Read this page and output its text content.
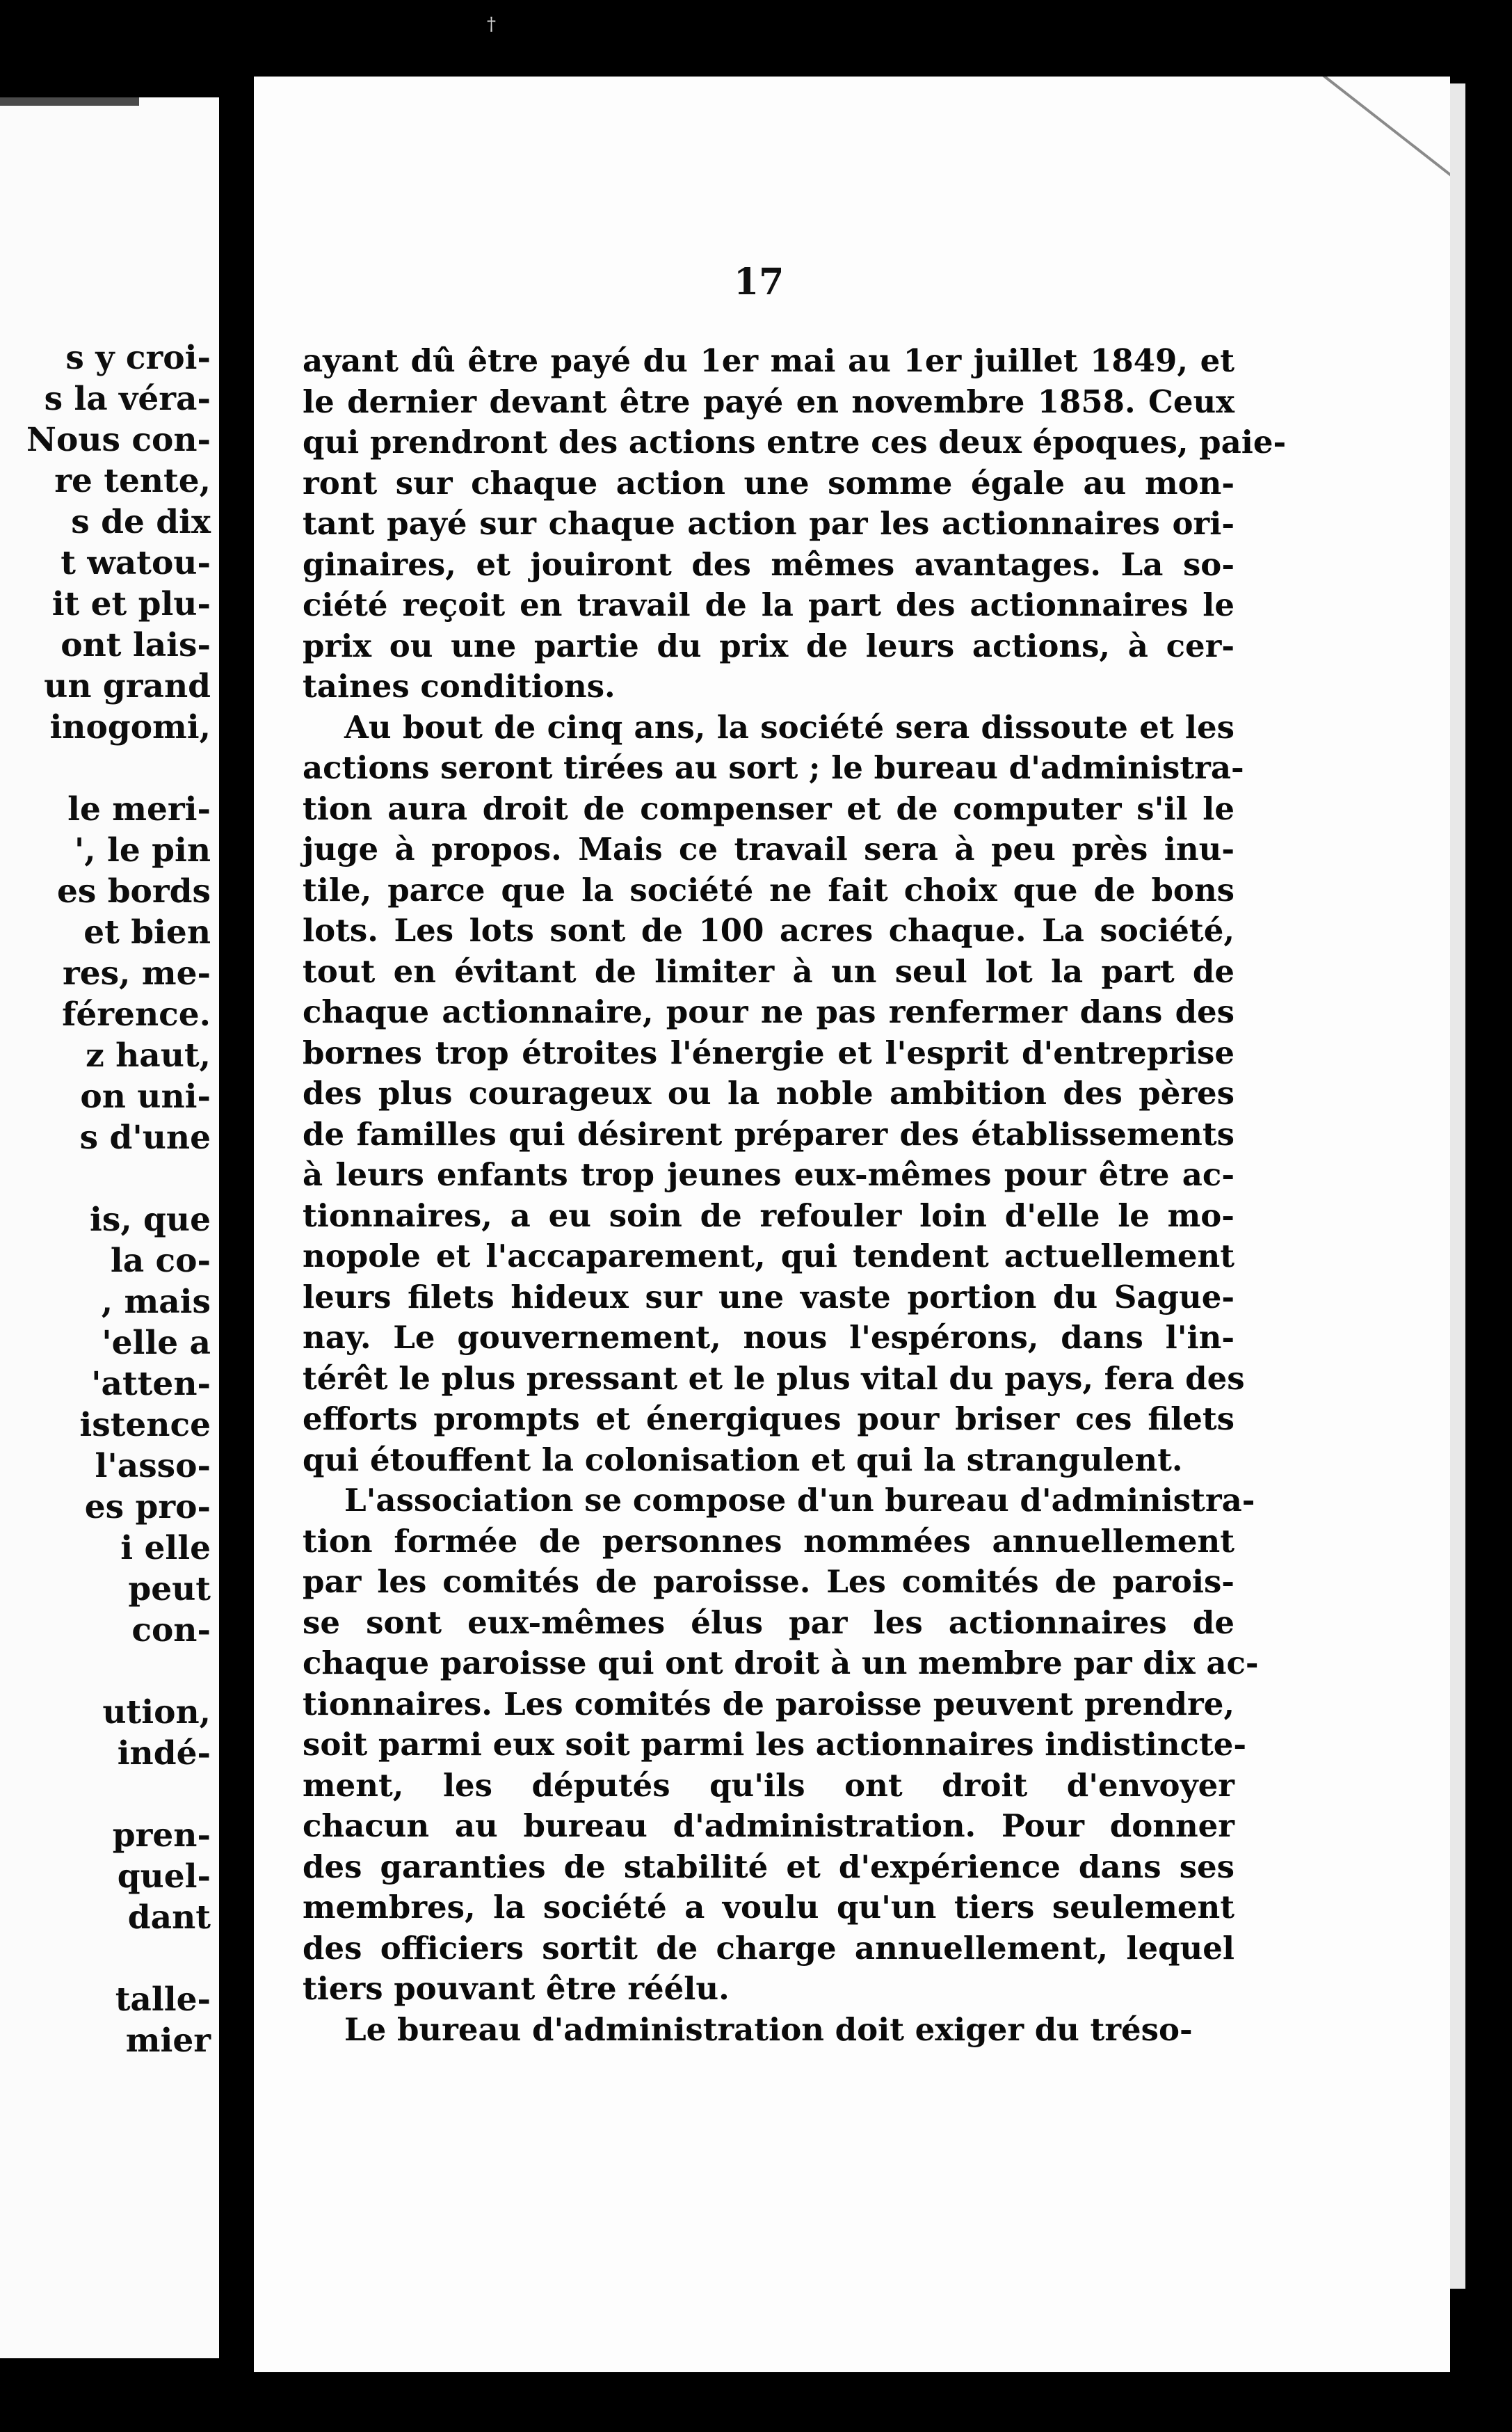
†
s y croi-
s la véra-
Nous con-
re tente,
s de dix
t watou-
it et plu-
ont lais-
un grand
inogomi,
le meri-
', le pin
es bords
et bien
res, me-
férence.
z haut,
on uni-
s d'une
is, que
la co-
, mais
'elle a
'atten-
istence
l'asso-
es pro-
i elle
peut
con-
ution,
indé-
pren-
quel-
dant
talle-
mier
17
ayant dû être payé du 1er mai au 1er juillet 1849, et
le dernier devant être payé en novembre 1858. Ceux
qui prendront des actions entre ces deux époques, paie-
ront sur chaque action une somme égale au mon-
tant payé sur chaque action par les actionnaires ori-
ginaires, et jouiront des mêmes avantages. La so-
ciété reçoit en travail de la part des actionnaires le
prix ou une partie du prix de leurs actions, à cer-
taines conditions.
Au bout de cinq ans, la société sera dissoute et les
actions seront tirées au sort ; le bureau d'administra-
tion aura droit de compenser et de computer s'il le
juge à propos. Mais ce travail sera à peu près inu-
tile, parce que la société ne fait choix que de bons
lots. Les lots sont de 100 acres chaque. La société,
tout en évitant de limiter à un seul lot la part de
chaque actionnaire, pour ne pas renfermer dans des
bornes trop étroites l'énergie et l'esprit d'entreprise
des plus courageux ou la noble ambition des pères
de familles qui désirent préparer des établissements
à leurs enfants trop jeunes eux-mêmes pour être ac-
tionnaires, a eu soin de refouler loin d'elle le mo-
nopole et l'accaparement, qui tendent actuellement
leurs filets hideux sur une vaste portion du Sague-
nay. Le gouvernement, nous l'espérons, dans l'in-
térêt le plus pressant et le plus vital du pays, fera des
efforts prompts et énergiques pour briser ces filets
qui étouffent la colonisation et qui la strangulent.
L'association se compose d'un bureau d'administra-
tion formée de personnes nommées annuellement
par les comités de paroisse. Les comités de parois-
se sont eux-mêmes élus par les actionnaires de
chaque paroisse qui ont droit à un membre par dix ac-
tionnaires. Les comités de paroisse peuvent prendre,
soit parmi eux soit parmi les actionnaires indistincte-
ment, les députés qu'ils ont droit d'envoyer
chacun au bureau d'administration. Pour donner
des garanties de stabilité et d'expérience dans ses
membres, la société a voulu qu'un tiers seulement
des officiers sortit de charge annuellement, lequel
tiers pouvant être réélu.
Le bureau d'administration doit exiger du tréso-
